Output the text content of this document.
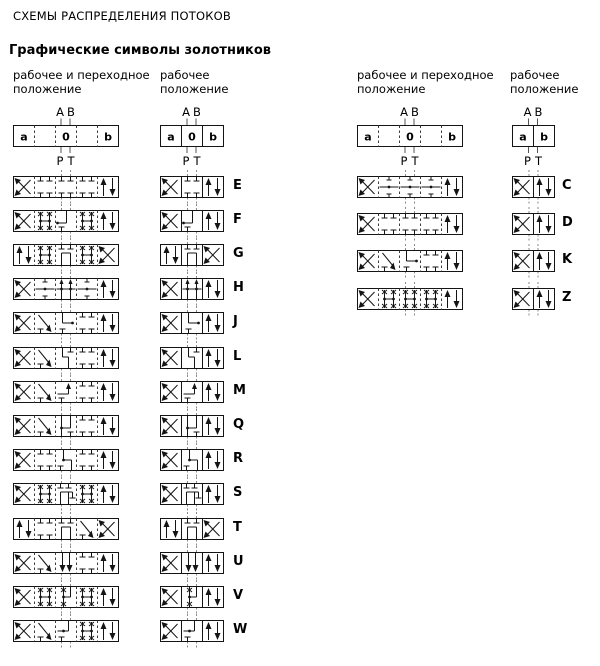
СХЕМЫ РАСПРЕДЕЛЕНИЯ ПОТОКОВ
Графические символы золотников
рабочее и переходное положение
рабочее положение
рабочее и переходное положение
рабочее положение
A B
a	0	b
P T
A B
a 0 b
P T
A B
a	0	b
P T
A B
a b
P T
E
F
G
H
J
L
M
Q
R
S
T
U
V
W
C
D
K
Z
